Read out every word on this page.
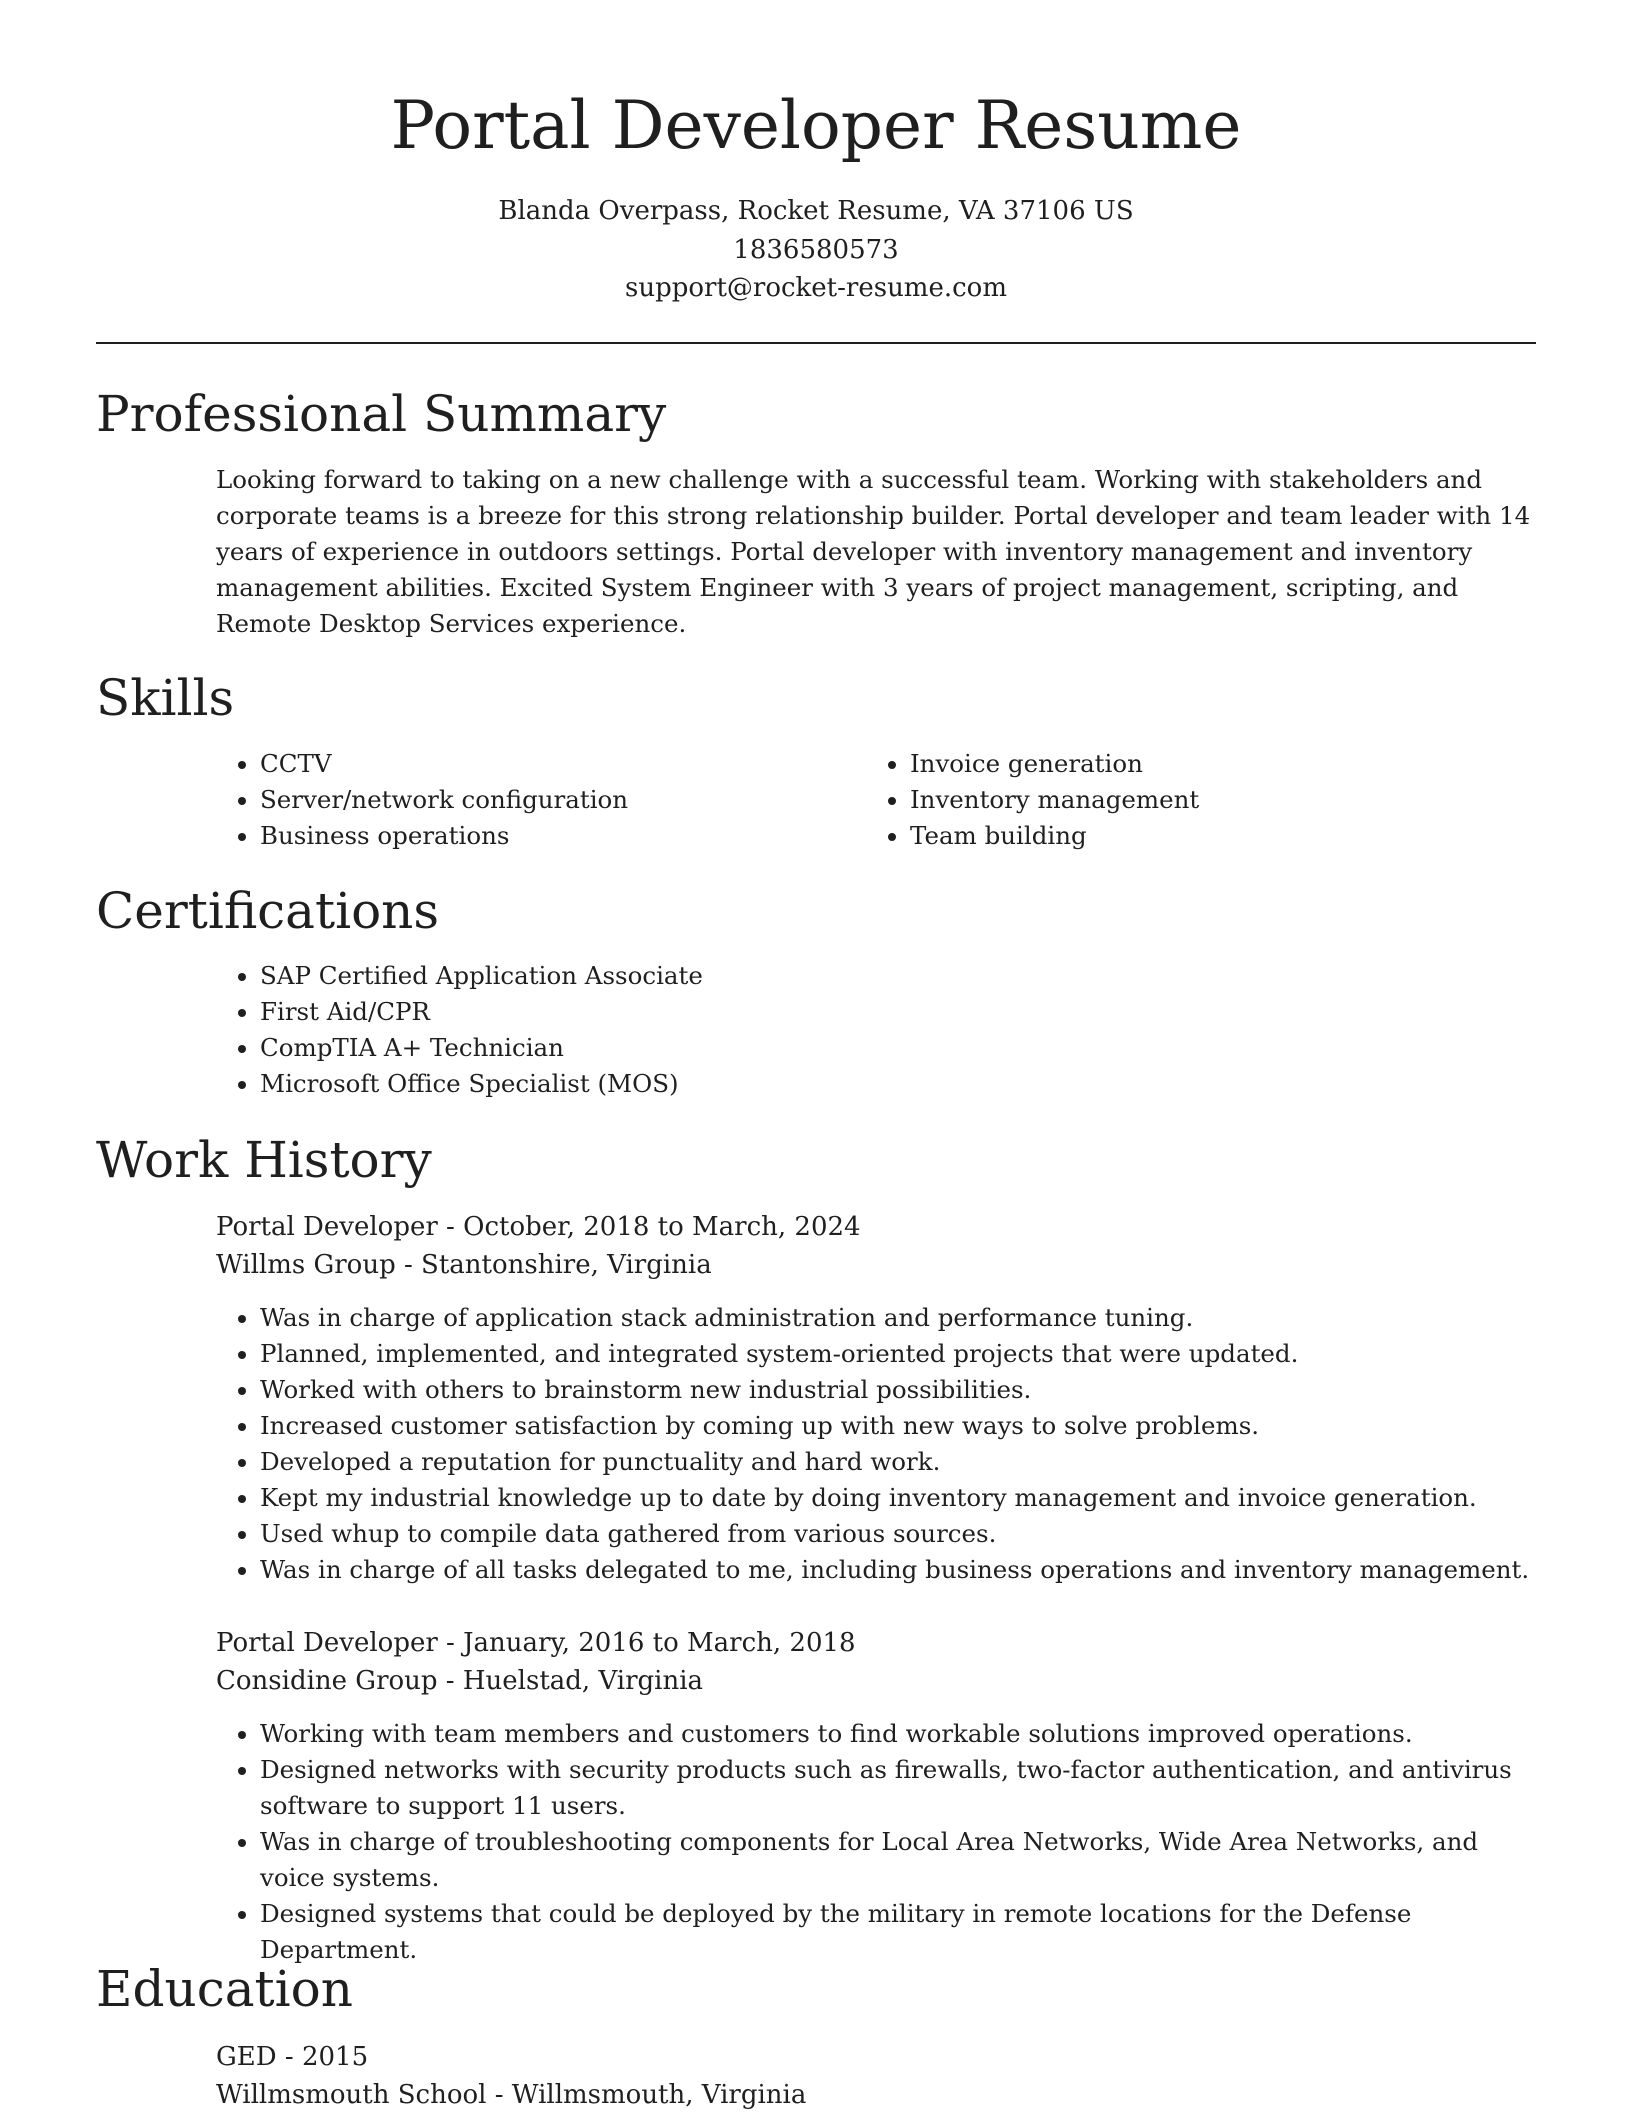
Portal Developer Resume
Blanda Overpass, Rocket Resume, VA 37106 US
1836580573
support@rocket-resume.com
Professional Summary

Looking forward to taking on a new challenge with a successful team. Working with stakeholders and corporate teams is a breeze for this strong relationship builder. Portal developer and team leader with 14 years of experience in outdoors settings. Portal developer with inventory management and inventory management abilities. Excited System Engineer with 3 years of project management, scripting, and Remote Desktop Services experience.

Skills
• CCTV
• Server/network configuration
• Business operations
• Invoice generation
• Inventory management
• Team building
Certifications
• SAP Certified Application Associate
• First Aid/CPR
• CompTIA A+ Technician
• Microsoft Office Specialist (MOS)
Work History
Portal Developer - October, 2018 to March, 2024
Willms Group - Stantonshire, Virginia
• Was in charge of application stack administration and performance tuning.
• Planned, implemented, and integrated system-oriented projects that were updated.
• Worked with others to brainstorm new industrial possibilities.
• Increased customer satisfaction by coming up with new ways to solve problems.
• Developed a reputation for punctuality and hard work.
• Kept my industrial knowledge up to date by doing inventory management and invoice generation.
• Used whup to compile data gathered from various sources.
• Was in charge of all tasks delegated to me, including business operations and inventory management.
Portal Developer - January, 2016 to March, 2018
Considine Group - Huelstad, Virginia
• Working with team members and customers to find workable solutions improved operations.
• Designed networks with security products such as firewalls, two-factor authentication, and antivirus software to support 11 users.
• Was in charge of troubleshooting components for Local Area Networks, Wide Area Networks, and voice systems.
• Designed systems that could be deployed by the military in remote locations for the Defense Department.
Education
GED - 2015
Willmsmouth School - Willmsmouth, Virginia
